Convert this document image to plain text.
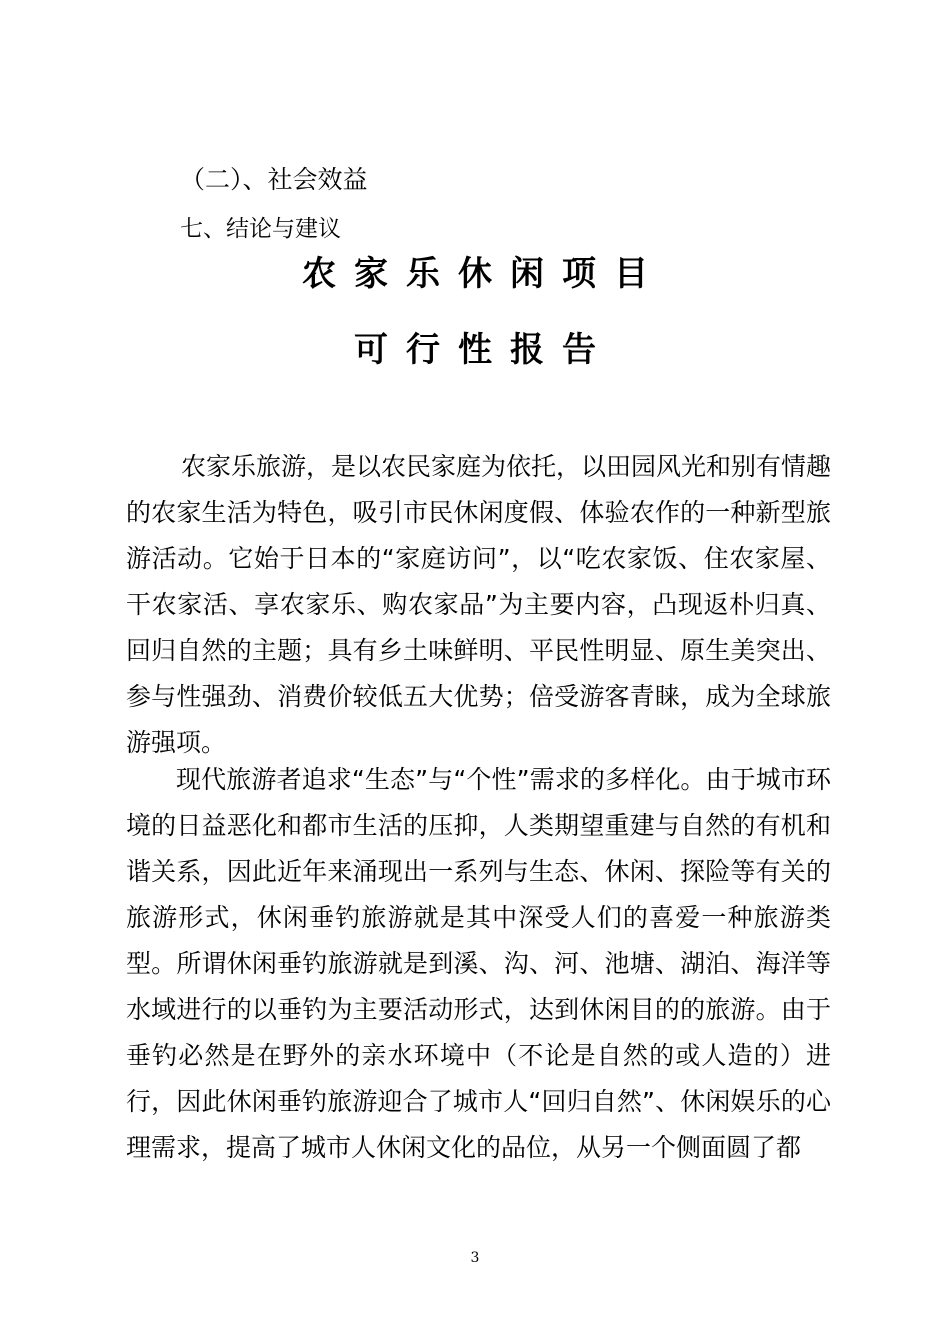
（二）、社会效益
七、结论与建议
农家乐休闲项目
可行性报告
农家乐旅游，是以农民家庭为依托，以田园风光和别有情趣的农家生活为特色，吸引市民休闲度假、体验农作的一种新型旅游活动。它始于日本的“家庭访问”，以“吃农家饭、住农家屋、干农家活、享农家乐、购农家品”为主要内容，凸现返朴归真、回归自然的主题；具有乡土味鲜明、平民性明显、原生美突出、参与性强劲、消费价较低五大优势；倍受游客青睐，成为全球旅游强项。
现代旅游者追求“生态”与“个性”需求的多样化。由于城市环境的日益恶化和都市生活的压抑，人类期望重建与自然的有机和谐关系，因此近年来涌现出一系列与生态、休闲、探险等有关的旅游形式，休闲垂钓旅游就是其中深受人们的喜爱一种旅游类型。所谓休闲垂钓旅游就是到溪、沟、河、池塘、湖泊、海洋等水域进行的以垂钓为主要活动形式，达到休闲目的的旅游。由于垂钓必然是在野外的亲水环境中（不论是自然的或人造的）进行，因此休闲垂钓旅游迎合了城市人“回归自然”、休闲娱乐的心理需求，提高了城市人休闲文化的品位，从另一个侧面圆了都
3
